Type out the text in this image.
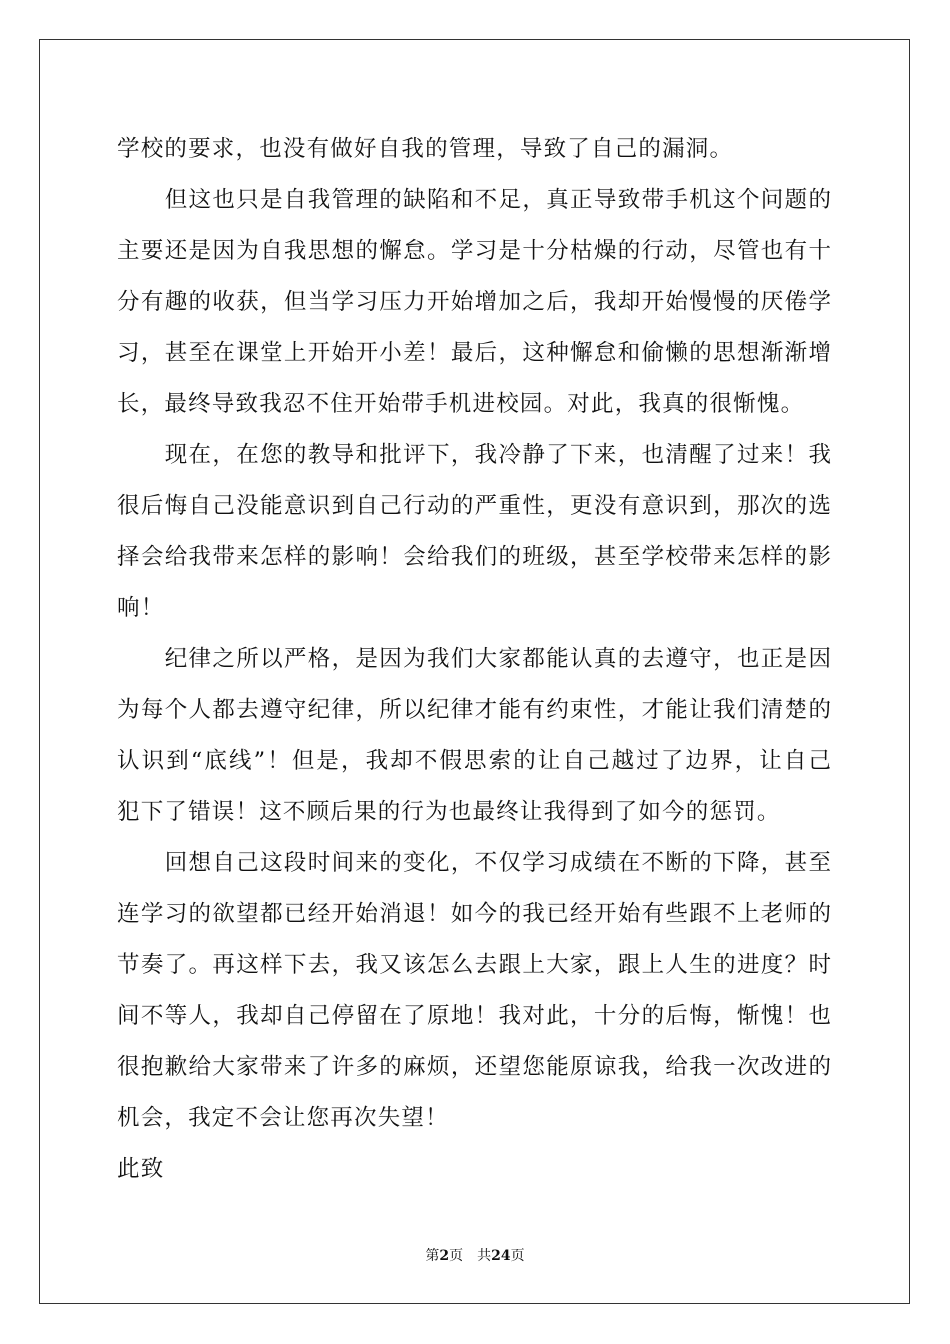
学校的要求，也没有做好自我的管理，导致了自己的漏洞。
　　但这也只是自我管理的缺陷和不足，真正导致带手机这个问题的
主要还是因为自我思想的懈怠。学习是十分枯燥的行动，尽管也有十
分有趣的收获，但当学习压力开始增加之后，我却开始慢慢的厌倦学
习，甚至在课堂上开始开小差！最后，这种懈怠和偷懒的思想渐渐增
长，最终导致我忍不住开始带手机进校园。对此，我真的很惭愧。
　　现在，在您的教导和批评下，我冷静了下来，也清醒了过来！我
很后悔自己没能意识到自己行动的严重性，更没有意识到，那次的选
择会给我带来怎样的影响！会给我们的班级，甚至学校带来怎样的影
响！
　　纪律之所以严格，是因为我们大家都能认真的去遵守，也正是因
为每个人都去遵守纪律，所以纪律才能有约束性，才能让我们清楚的
认识到“底线”！但是，我却不假思索的让自己越过了边界，让自己
犯下了错误！这不顾后果的行为也最终让我得到了如今的惩罚。
　　回想自己这段时间来的变化，不仅学习成绩在不断的下降，甚至
连学习的欲望都已经开始消退！如今的我已经开始有些跟不上老师的
节奏了。再这样下去，我又该怎么去跟上大家，跟上人生的进度？时
间不等人，我却自己停留在了原地！我对此，十分的后悔，惭愧！也
很抱歉给大家带来了许多的麻烦，还望您能原谅我，给我一次改进的
机会，我定不会让您再次失望！
此致
第2页 共24页
